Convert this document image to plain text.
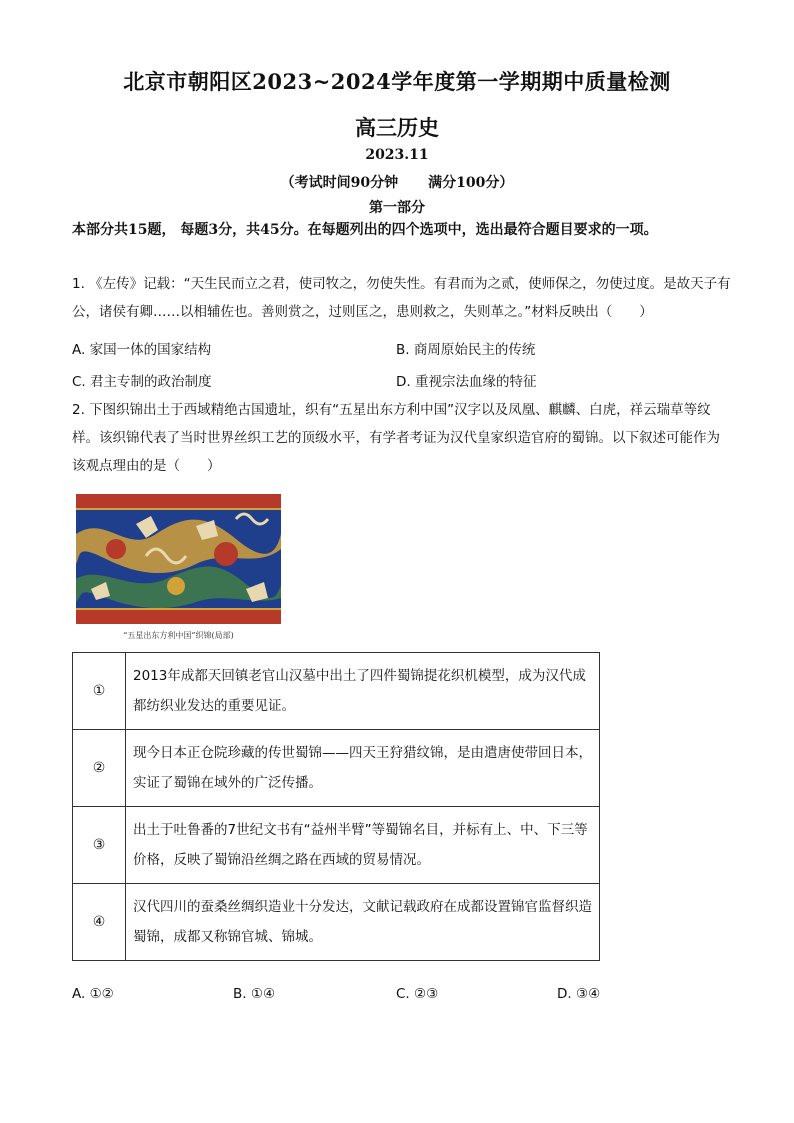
北京市朝阳区2023~2024学年度第一学期期中质量检测
高三历史
2023.11
（考试时间90分钟 满分100分）
第一部分
本部分共15题， 每题3分，共45分。在每题列出的四个选项中，选出最符合题目要求的一项。
1. 《左传》记载：“天生民而立之君，使司牧之，勿使失性。有君而为之贰，使师保之，勿使过度。是故天子有公，诸侯有卿……以相辅佐也。善则赏之，过则匡之，患则救之，失则革之。”材料反映出（　　）
A. 家国一体的国家结构	B. 商周原始民主的传统
C. 君主专制的政治制度	D. 重视宗法血缘的特征
2. 下图织锦出土于西域精绝古国遗址，织有“五星出东方利中国”汉字以及凤凰、麒麟、白虎，祥云瑞草等纹样。该织锦代表了当时世界丝织工艺的顶级水平，有学者考证为汉代皇家织造官府的蜀锦。以下叙述可能作为该观点理由的是（　　）
“五星出东方利中国”织锦(局部)
①	2013年成都天回镇老官山汉墓中出土了四件蜀锦提花织机模型，成为汉代成都纺织业发达的重要见证。
②	现今日本正仓院珍藏的传世蜀锦——四天王狩猎纹锦，是由遣唐使带回日本，实证了蜀锦在域外的广泛传播。
③	出土于吐鲁番的7世纪文书有“益州半臂”等蜀锦名目，并标有上、中、下三等价格，反映了蜀锦沿丝绸之路在西域的贸易情况。
④	汉代四川的蚕桑丝绸织造业十分发达，文献记载政府在成都设置锦官监督织造蜀锦，成都又称锦官城、锦城。
A. ①②	B. ①④	C. ②③	D. ③④
